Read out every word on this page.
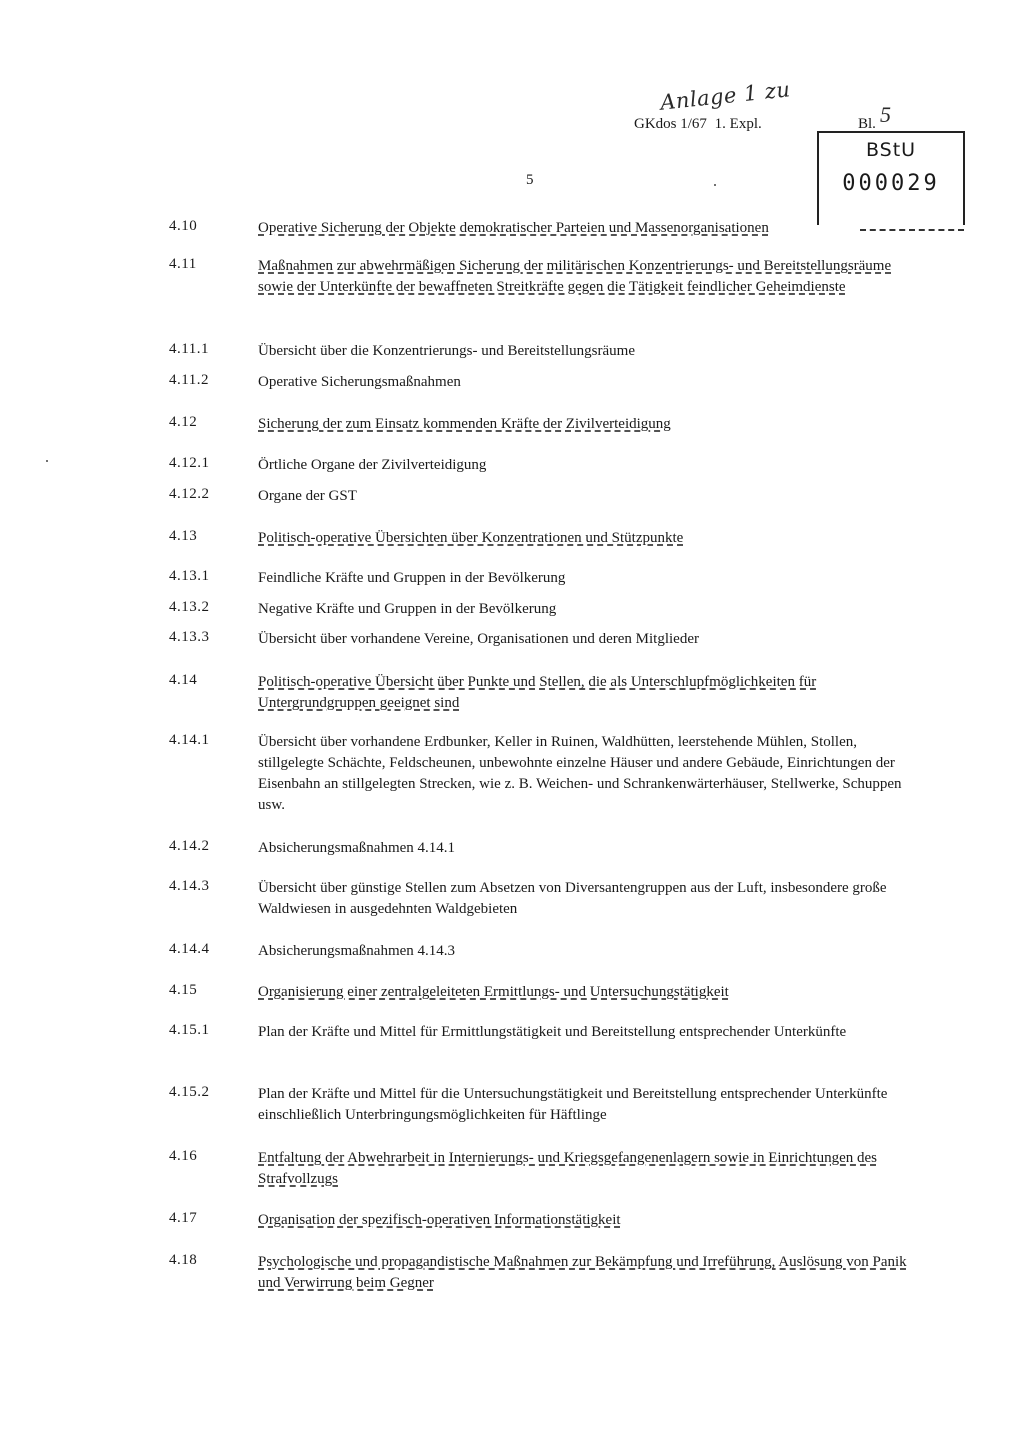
Anlage 1 zu
GKdos 1/67 1. Expl.	Bl. 5
BStU
000029
5
4.10	Operative Sicherung der Objekte demokratischer Parteien und Massenorganisationen
4.11	Maßnahmen zur abwehrmäßigen Sicherung der militärischen Konzentrierungs- und Bereitstellungsräume sowie der Unterkünfte der bewaffneten Streitkräfte gegen die Tätigkeit feindlicher Geheimdienste
4.11.1	Übersicht über die Konzentrierungs- und Bereitstellungsräume
4.11.2	Operative Sicherungsmaßnahmen
4.12	Sicherung der zum Einsatz kommenden Kräfte der Zivilverteidigung
4.12.1	Örtliche Organe der Zivilverteidigung
4.12.2	Organe der GST
4.13	Politisch-operative Übersichten über Konzentrationen und Stützpunkte
4.13.1	Feindliche Kräfte und Gruppen in der Bevölkerung
4.13.2	Negative Kräfte und Gruppen in der Bevölkerung
4.13.3	Übersicht über vorhandene Vereine, Organisationen und deren Mitglieder
4.14	Politisch-operative Übersicht über Punkte und Stellen, die als Unterschlupfmöglichkeiten für Untergrundgruppen geeignet sind
4.14.1	Übersicht über vorhandene Erdbunker, Keller in Ruinen, Waldhütten, leerstehende Mühlen, Stollen, stillgelegte Schächte, Feldscheunen, unbewohnte einzelne Häuser und andere Gebäude, Einrichtungen der Eisenbahn an stillgelegten Strecken, wie z. B. Weichen- und Schrankenwärterhäuser, Stellwerke, Schuppen usw.
4.14.2	Absicherungsmaßnahmen 4.14.1
4.14.3	Übersicht über günstige Stellen zum Absetzen von Diversantengruppen aus der Luft, insbesondere große Waldwiesen in ausgedehnten Waldgebieten
4.14.4	Absicherungsmaßnahmen 4.14.3
4.15	Organisierung einer zentralgeleiteten Ermittlungs- und Untersuchungstätigkeit
4.15.1	Plan der Kräfte und Mittel für Ermittlungstätigkeit und Bereitstellung entsprechender Unterkünfte
4.15.2	Plan der Kräfte und Mittel für die Untersuchungstätigkeit und Bereitstellung entsprechender Unterkünfte einschließlich Unterbringungsmöglichkeiten für Häftlinge
4.16	Entfaltung der Abwehrarbeit in Internierungs- und Kriegsgefangenenlagern sowie in Einrichtungen des Strafvollzugs
4.17	Organisation der spezifisch-operativen Informationstätigkeit
4.18	Psychologische und propagandistische Maßnahmen zur Bekämpfung und Irreführung, Auslösung von Panik und Verwirrung beim Gegner
